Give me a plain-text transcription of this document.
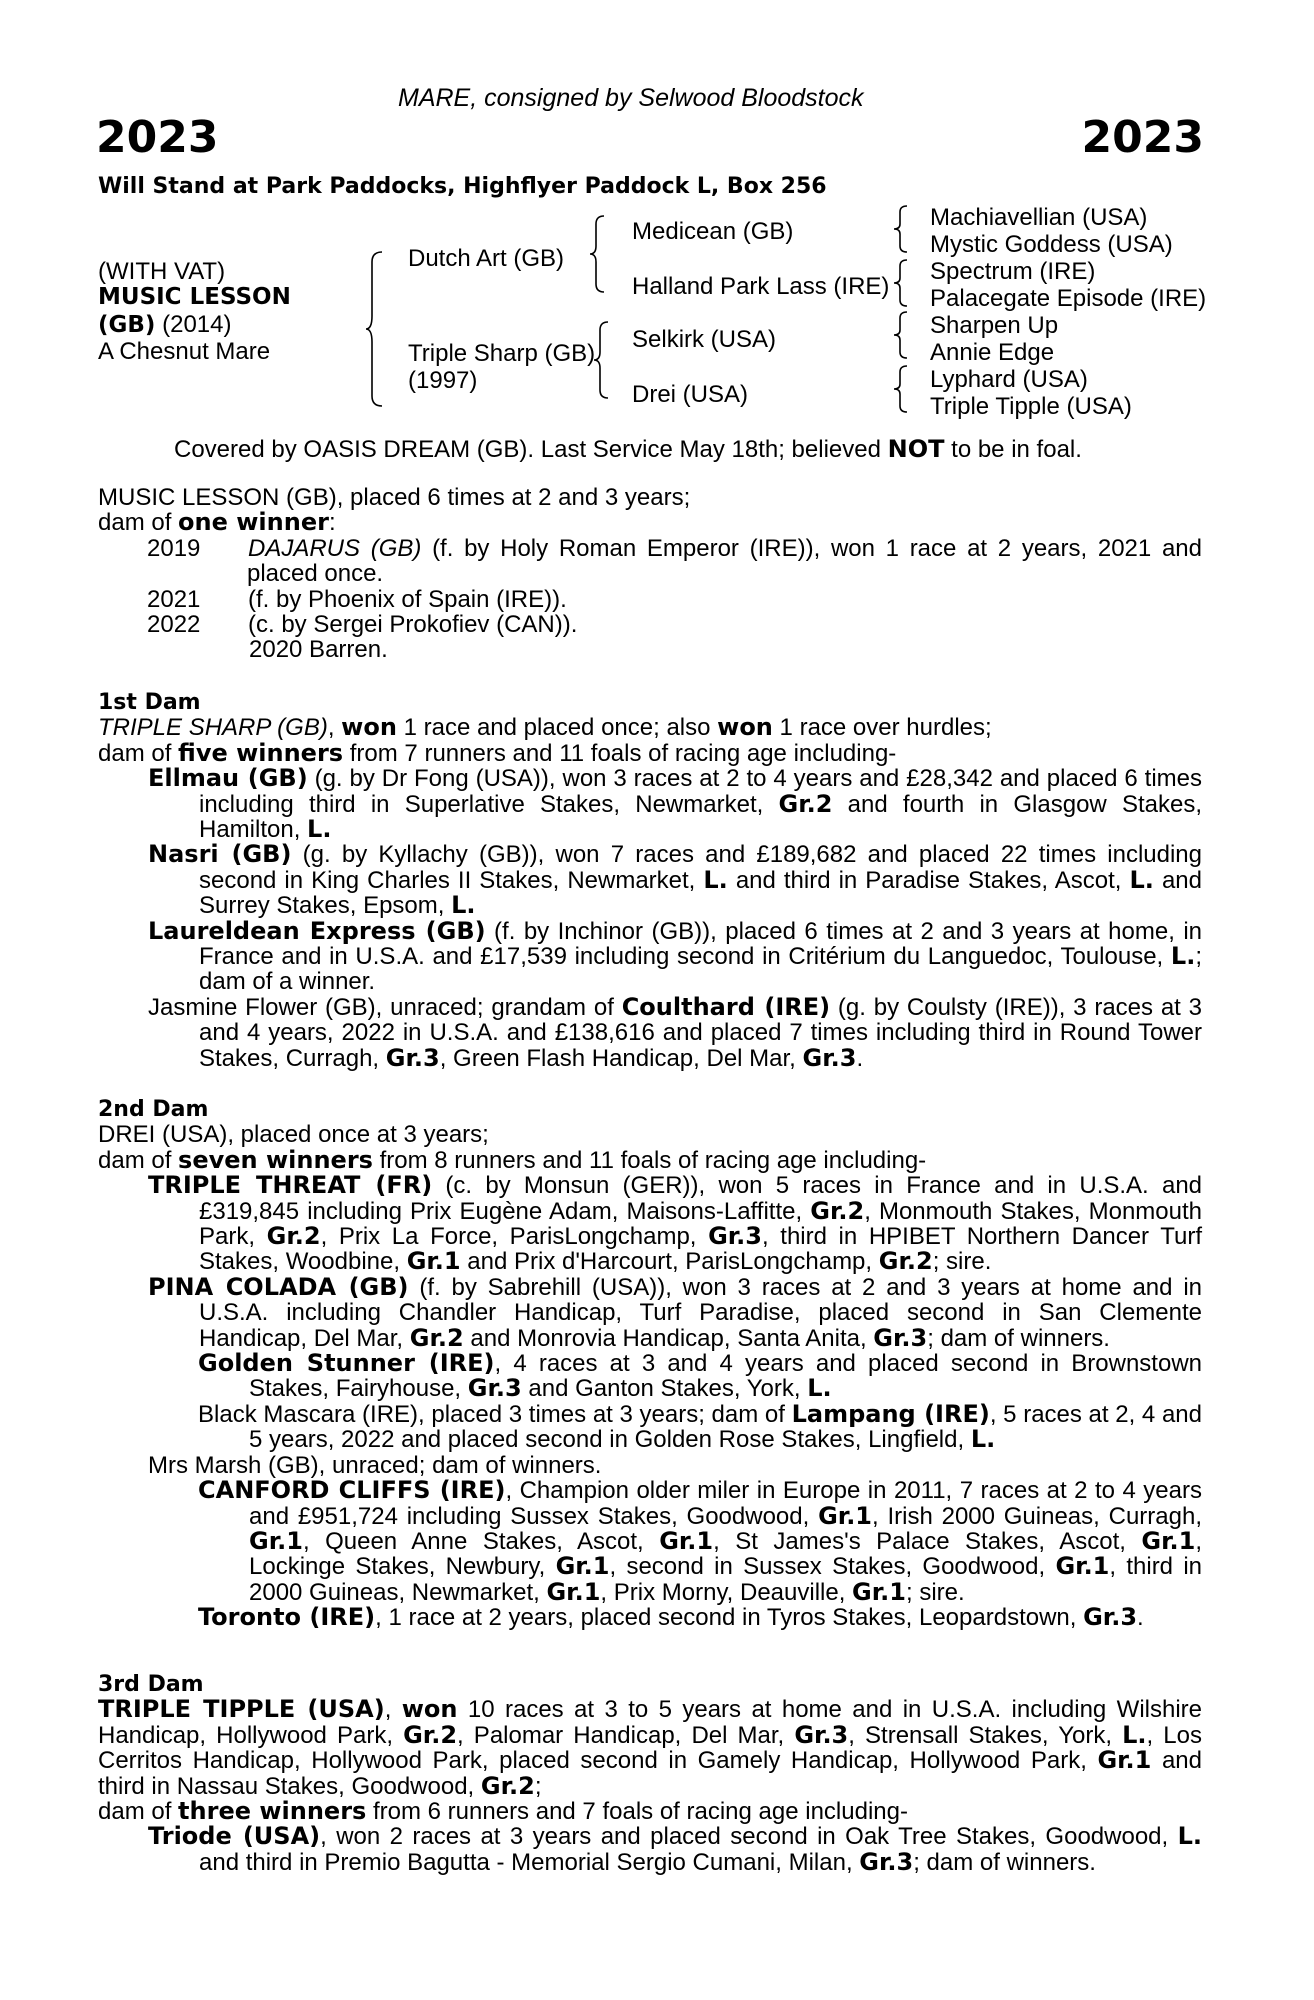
MARE, consigned by Selwood Bloodstock
2023	2023
Will Stand at Park Paddocks, Highflyer Paddock L, Box 256
(WITH VAT)
MUSIC LESSON
(GB) (2014)
A Chesnut Mare
Dutch Art (GB)
Triple Sharp (GB)
(1997)
Medicean (GB)
Halland Park Lass (IRE)
Selkirk (USA)
Drei (USA)
Machiavellian (USA)
Mystic Goddess (USA)
Spectrum (IRE)
Palacegate Episode (IRE)
Sharpen Up
Annie Edge
Lyphard (USA)
Triple Tipple (USA)
Covered by OASIS DREAM (GB). Last Service May 18th; believed NOT to be in foal.

MUSIC LESSON (GB), placed 6 times at 2 and 3 years;

dam of one winner:

2019 DAJARUS (GB) (f. by Holy Roman Emperor (IRE)), won 1 race at 2 years, 2021 and placed once.

2021 (f. by Phoenix of Spain (IRE)).

2022 (c. by Sergei Prokofiev (CAN)).

2020 Barren.

1st Dam

TRIPLE SHARP (GB), won 1 race and placed once; also won 1 race over hurdles;

dam of five winners from 7 runners and 11 foals of racing age including-

Ellmau (GB) (g. by Dr Fong (USA)), won 3 races at 2 to 4 years and £28,342 and placed 6 times including third in Superlative Stakes, Newmarket, Gr.2 and fourth in Glasgow Stakes, Hamilton, L.

Nasri (GB) (g. by Kyllachy (GB)), won 7 races and £189,682 and placed 22 times including second in King Charles II Stakes, Newmarket, L. and third in Paradise Stakes, Ascot, L. and Surrey Stakes, Epsom, L.

Laureldean Express (GB) (f. by Inchinor (GB)), placed 6 times at 2 and 3 years at home, in France and in U.S.A. and £17,539 including second in Critérium du Languedoc, Toulouse, L.; dam of a winner.

Jasmine Flower (GB), unraced; grandam of Coulthard (IRE) (g. by Coulsty (IRE)), 3 races at 3 and 4 years, 2022 in U.S.A. and £138,616 and placed 7 times including third in Round Tower Stakes, Curragh, Gr.3, Green Flash Handicap, Del Mar, Gr.3.

2nd Dam

DREI (USA), placed once at 3 years;

dam of seven winners from 8 runners and 11 foals of racing age including-

TRIPLE THREAT (FR) (c. by Monsun (GER)), won 5 races in France and in U.S.A. and £319,845 including Prix Eugène Adam, Maisons-Laffitte, Gr.2, Monmouth Stakes, Monmouth Park, Gr.2, Prix La Force, ParisLongchamp, Gr.3, third in HPIBET Northern Dancer Turf Stakes, Woodbine, Gr.1 and Prix d'Harcourt, ParisLongchamp, Gr.2; sire.

PINA COLADA (GB) (f. by Sabrehill (USA)), won 3 races at 2 and 3 years at home and in U.S.A. including Chandler Handicap, Turf Paradise, placed second in San Clemente Handicap, Del Mar, Gr.2 and Monrovia Handicap, Santa Anita, Gr.3; dam of winners.

Golden Stunner (IRE), 4 races at 3 and 4 years and placed second in Brownstown Stakes, Fairyhouse, Gr.3 and Ganton Stakes, York, L.

Black Mascara (IRE), placed 3 times at 3 years; dam of Lampang (IRE), 5 races at 2, 4 and 5 years, 2022 and placed second in Golden Rose Stakes, Lingfield, L.

Mrs Marsh (GB), unraced; dam of winners.

CANFORD CLIFFS (IRE), Champion older miler in Europe in 2011, 7 races at 2 to 4 years and £951,724 including Sussex Stakes, Goodwood, Gr.1, Irish 2000 Guineas, Curragh, Gr.1, Queen Anne Stakes, Ascot, Gr.1, St James's Palace Stakes, Ascot, Gr.1, Lockinge Stakes, Newbury, Gr.1, second in Sussex Stakes, Goodwood, Gr.1, third in 2000 Guineas, Newmarket, Gr.1, Prix Morny, Deauville, Gr.1; sire.

Toronto (IRE), 1 race at 2 years, placed second in Tyros Stakes, Leopardstown, Gr.3.

3rd Dam

TRIPLE TIPPLE (USA), won 10 races at 3 to 5 years at home and in U.S.A. including Wilshire Handicap, Hollywood Park, Gr.2, Palomar Handicap, Del Mar, Gr.3, Strensall Stakes, York, L., Los Cerritos Handicap, Hollywood Park, placed second in Gamely Handicap, Hollywood Park, Gr.1 and third in Nassau Stakes, Goodwood, Gr.2;

dam of three winners from 6 runners and 7 foals of racing age including-

Triode (USA), won 2 races at 3 years and placed second in Oak Tree Stakes, Goodwood, L. and third in Premio Bagutta - Memorial Sergio Cumani, Milan, Gr.3; dam of winners.
